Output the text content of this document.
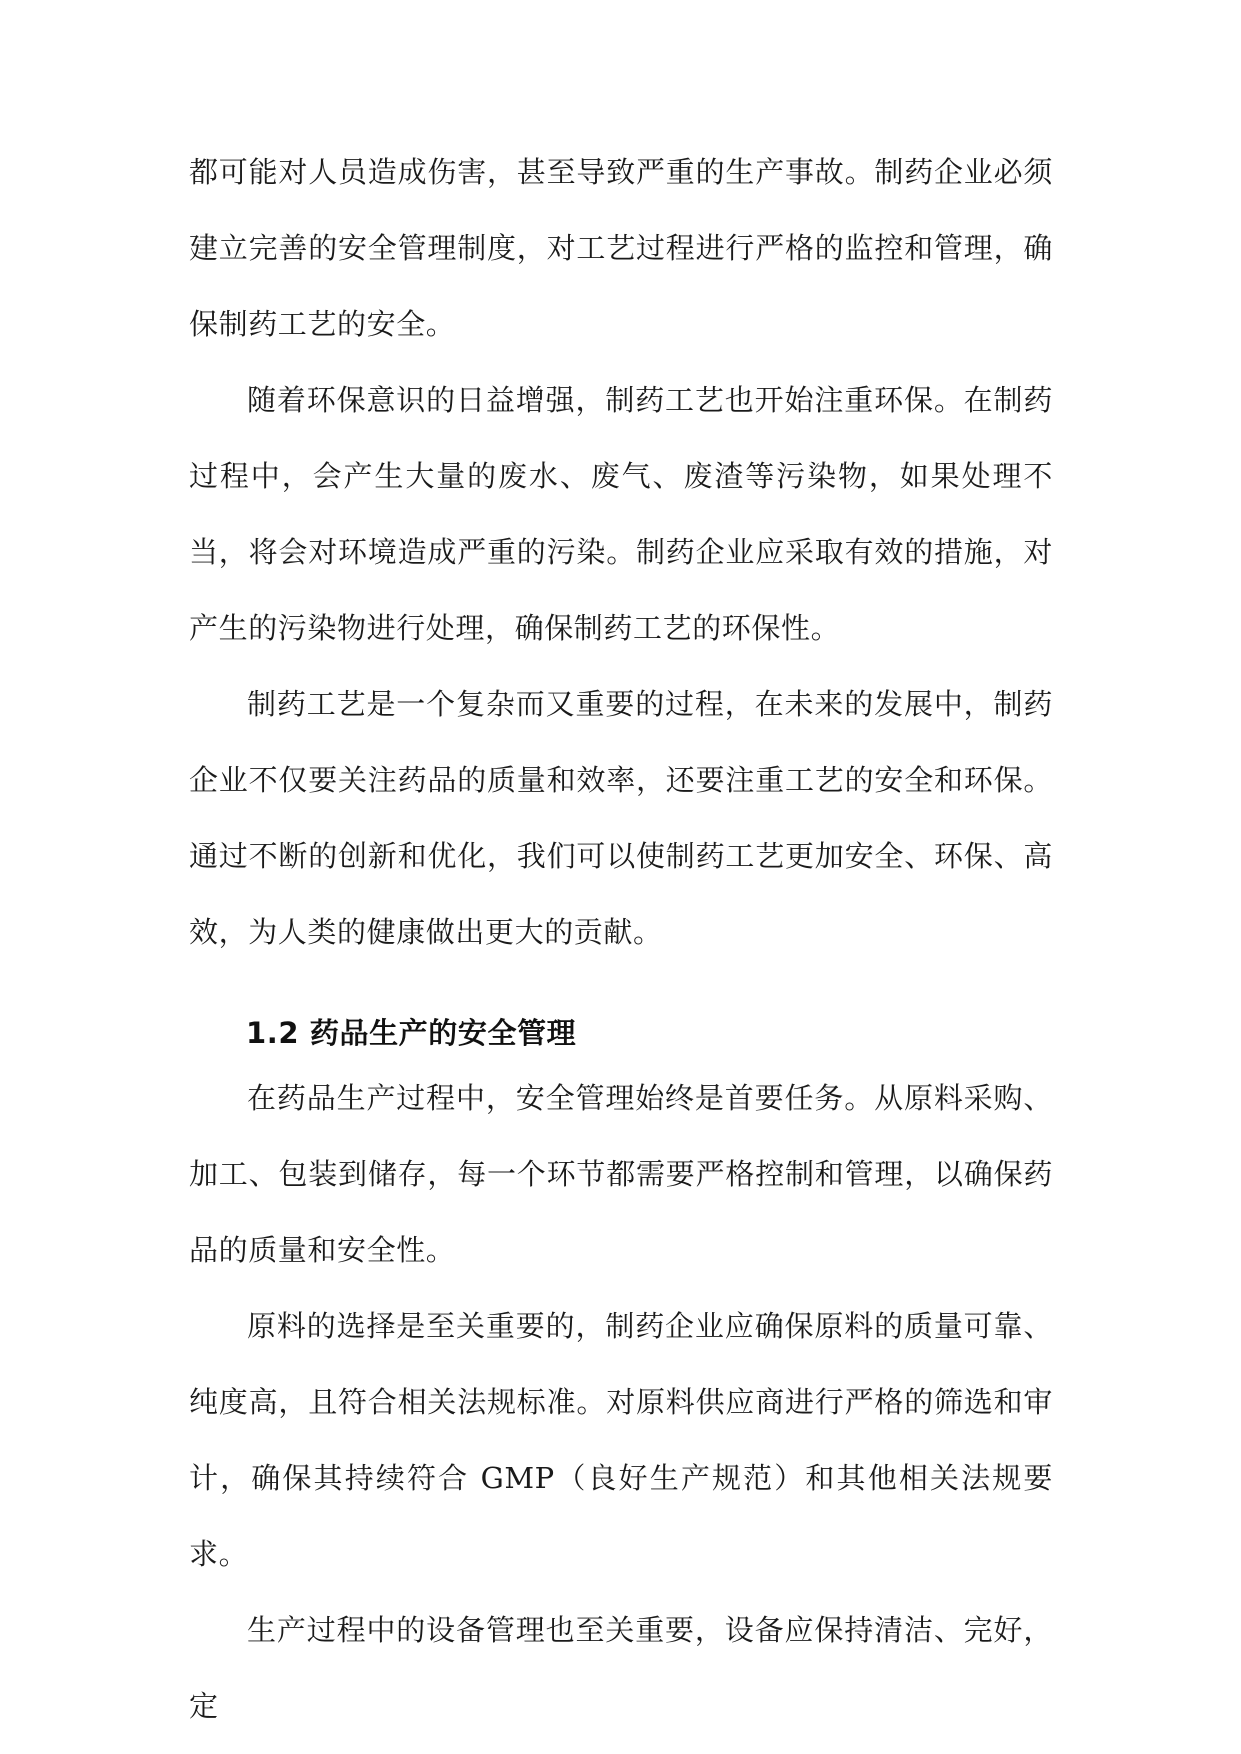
都可能对人员造成伤害，甚至导致严重的生产事故。制药企业必须建立完善的安全管理制度，对工艺过程进行严格的监控和管理，确保制药工艺的安全。

随着环保意识的日益增强，制药工艺也开始注重环保。在制药过程中，会产生大量的废水、废气、废渣等污染物，如果处理不当，将会对环境造成严重的污染。制药企业应采取有效的措施，对产生的污染物进行处理，确保制药工艺的环保性。

制药工艺是一个复杂而又重要的过程，在未来的发展中，制药企业不仅要关注药品的质量和效率，还要注重工艺的安全和环保。通过不断的创新和优化，我们可以使制药工艺更加安全、环保、高效，为人类的健康做出更大的贡献。

1.2 药品生产的安全管理

在药品生产过程中，安全管理始终是首要任务。从原料采购、加工、包装到储存，每一个环节都需要严格控制和管理，以确保药品的质量和安全性。

原料的选择是至关重要的，制药企业应确保原料的质量可靠、纯度高，且符合相关法规标准。对原料供应商进行严格的筛选和审计，确保其持续符合 GMP（良好生产规范）和其他相关法规要求。

生产过程中的设备管理也至关重要，设备应保持清洁、完好，定
